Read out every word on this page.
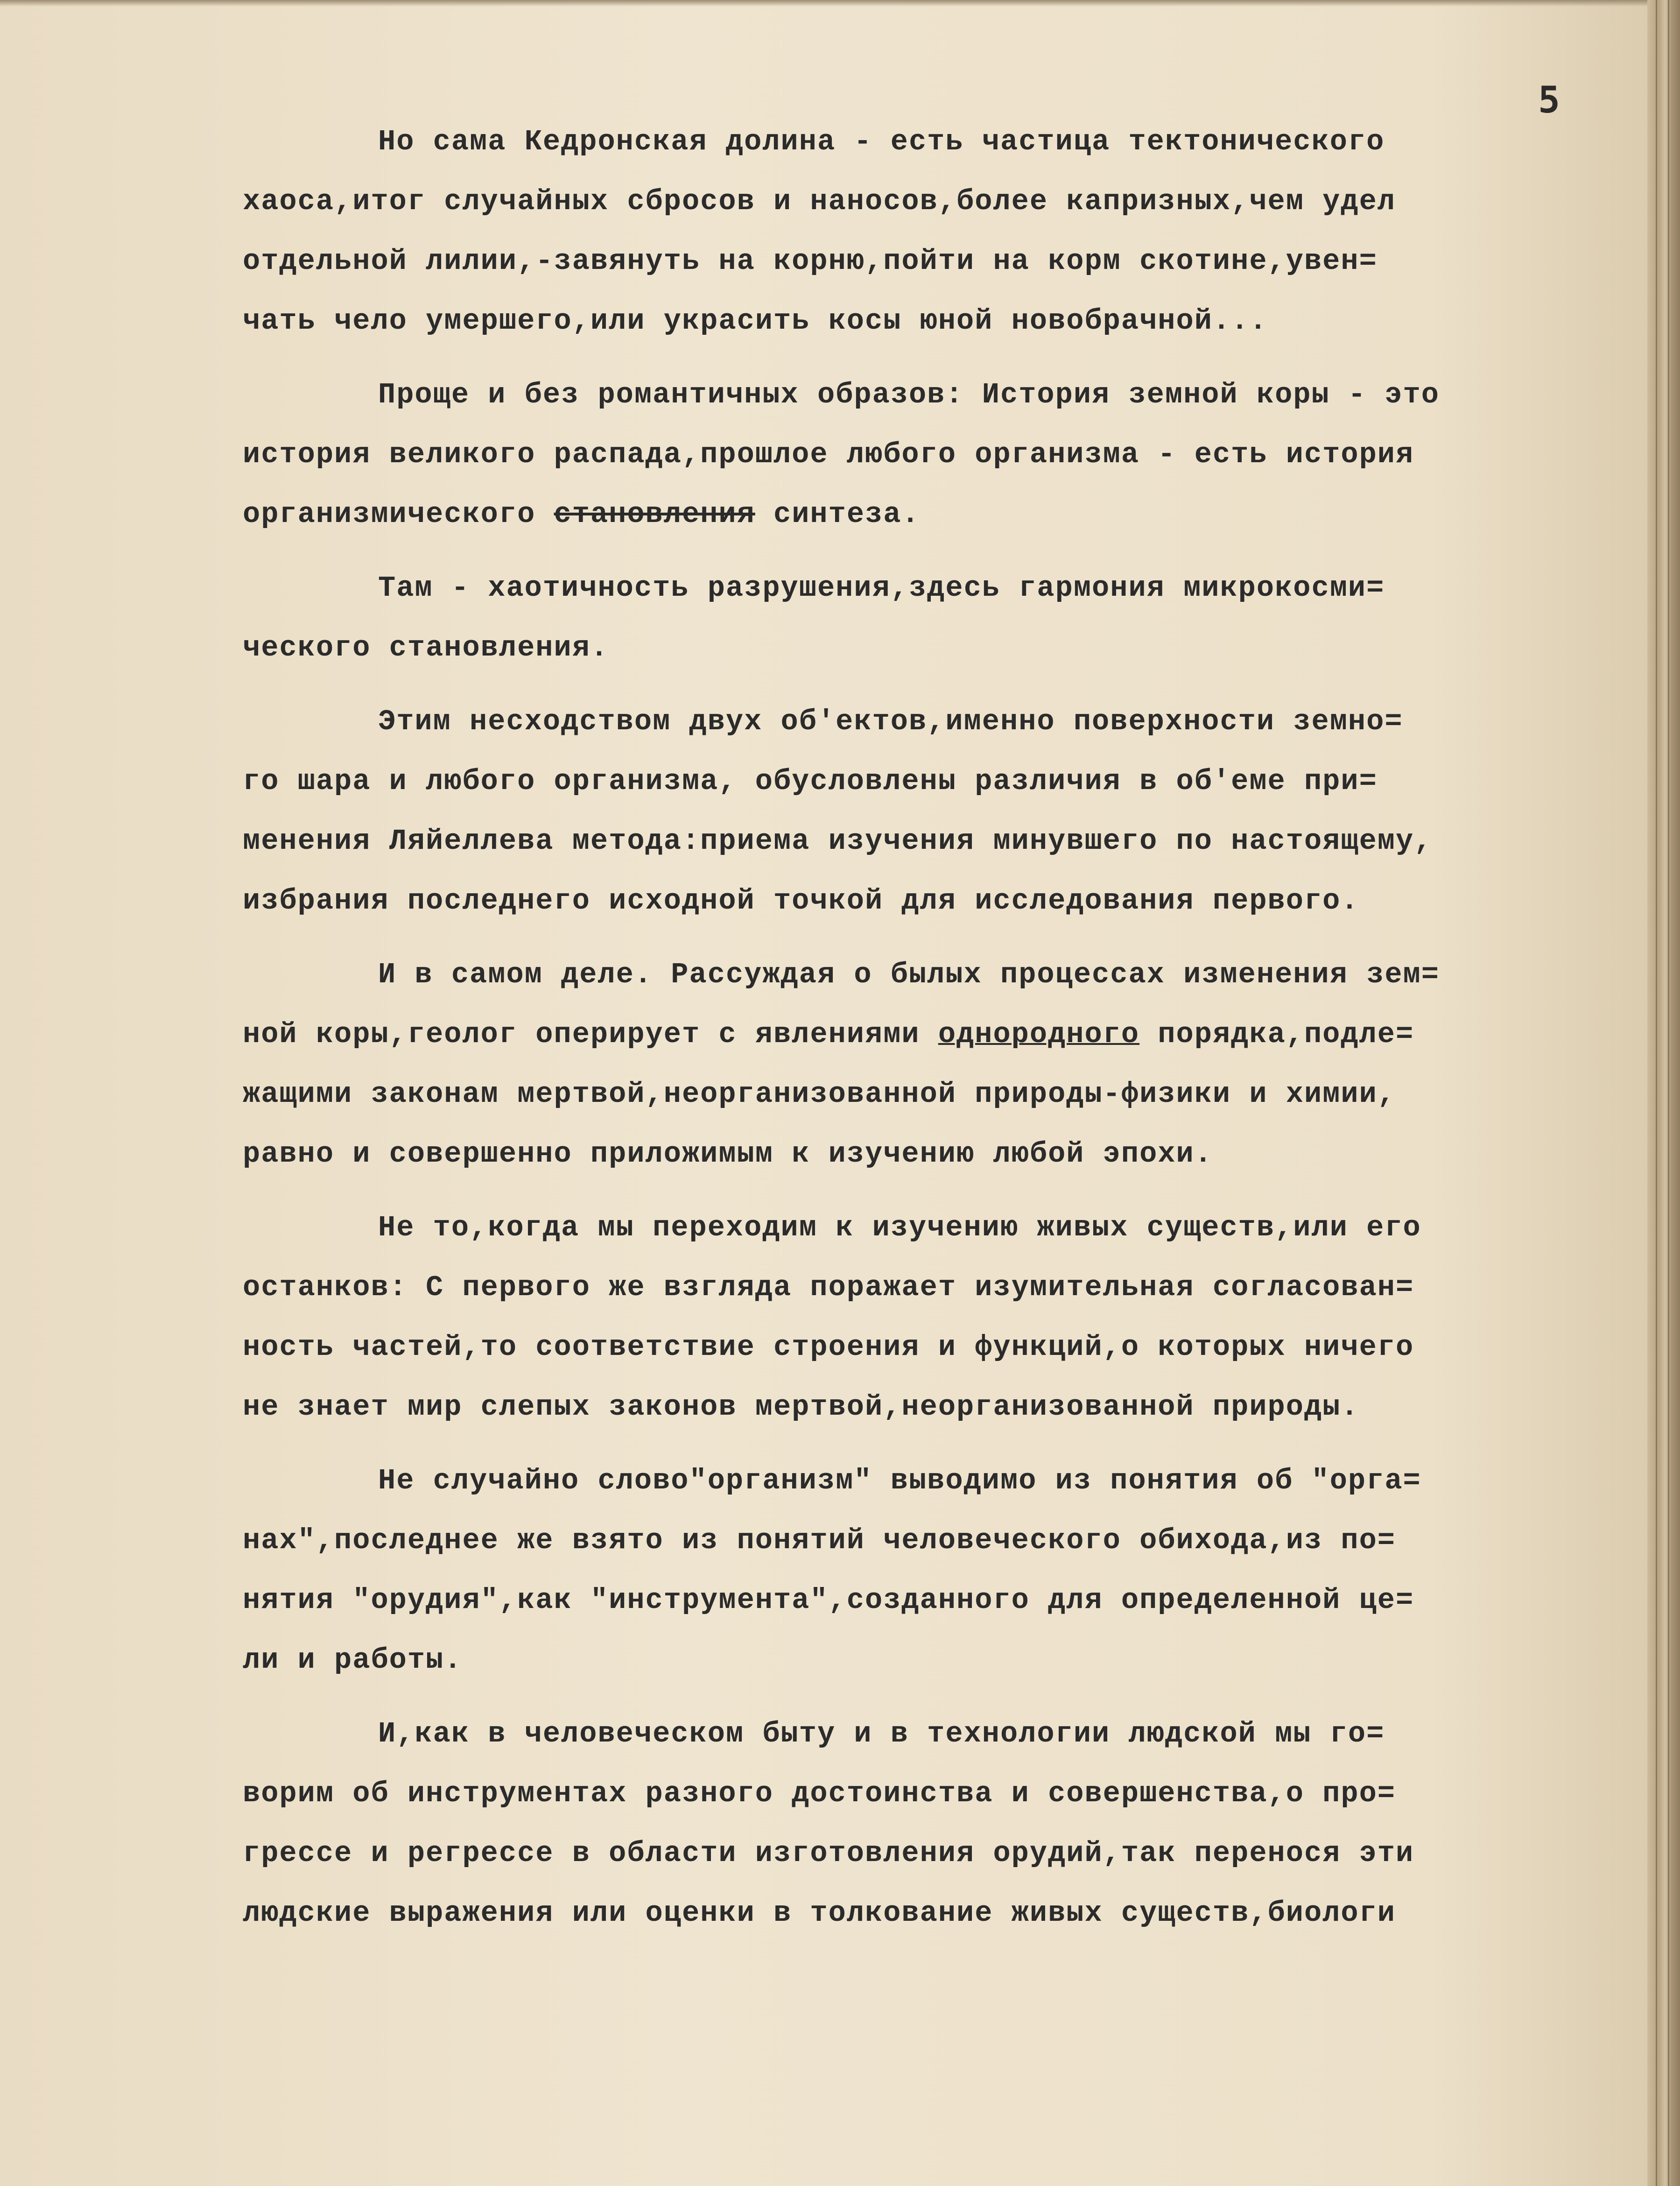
5
Но сама Кедронская долина - есть частица тектонического
хаоса,итог случайных сбросов и наносов,более капризных,чем удел
отдельной лилии,-завянуть на корню,пойти на корм скотине,увен=
чать чело умершего,или украсить косы юной новобрачной...
Проще и без романтичных образов: История земной коры - это
история великого распада,прошлое любого организма - есть история
организмического становления синтеза.
Там - хаотичность разрушения,здесь гармония микрокосми=
ческого становления.
Этим несходством двух об'ектов,именно поверхности земно=
го шара и любого организма, обусловлены различия в об'еме при=
менения Ляйеллева метода:приема изучения минувшего по настоящему,
избрания последнего исходной точкой для исследования первого.
И в самом деле. Рассуждая о былых процессах изменения зем=
ной коры,геолог оперирует с явлениями однородного порядка,подле=
жащими законам мертвой,неорганизованной природы-физики и химии,
равно и совершенно приложимым к изучению любой эпохи.
Не то,когда мы переходим к изучению живых существ,или его
останков: С первого же взгляда поражает изумительная согласован=
ность частей,то соответствие строения и функций,о которых ничего
не знает мир слепых законов мертвой,неорганизованной природы.
Не случайно слово"организм" выводимо из понятия об "орга=
нах",последнее же взято из понятий человеческого обихода,из по=
нятия "орудия",как "инструмента",созданного для определенной це=
ли и работы.
И,как в человеческом быту и в технологии людской мы го=
ворим об инструментах разного достоинства и совершенства,о про=
грессе и регрессе в области изготовления орудий,так перенося эти
людские выражения или оценки в толкование живых существ,биологи
